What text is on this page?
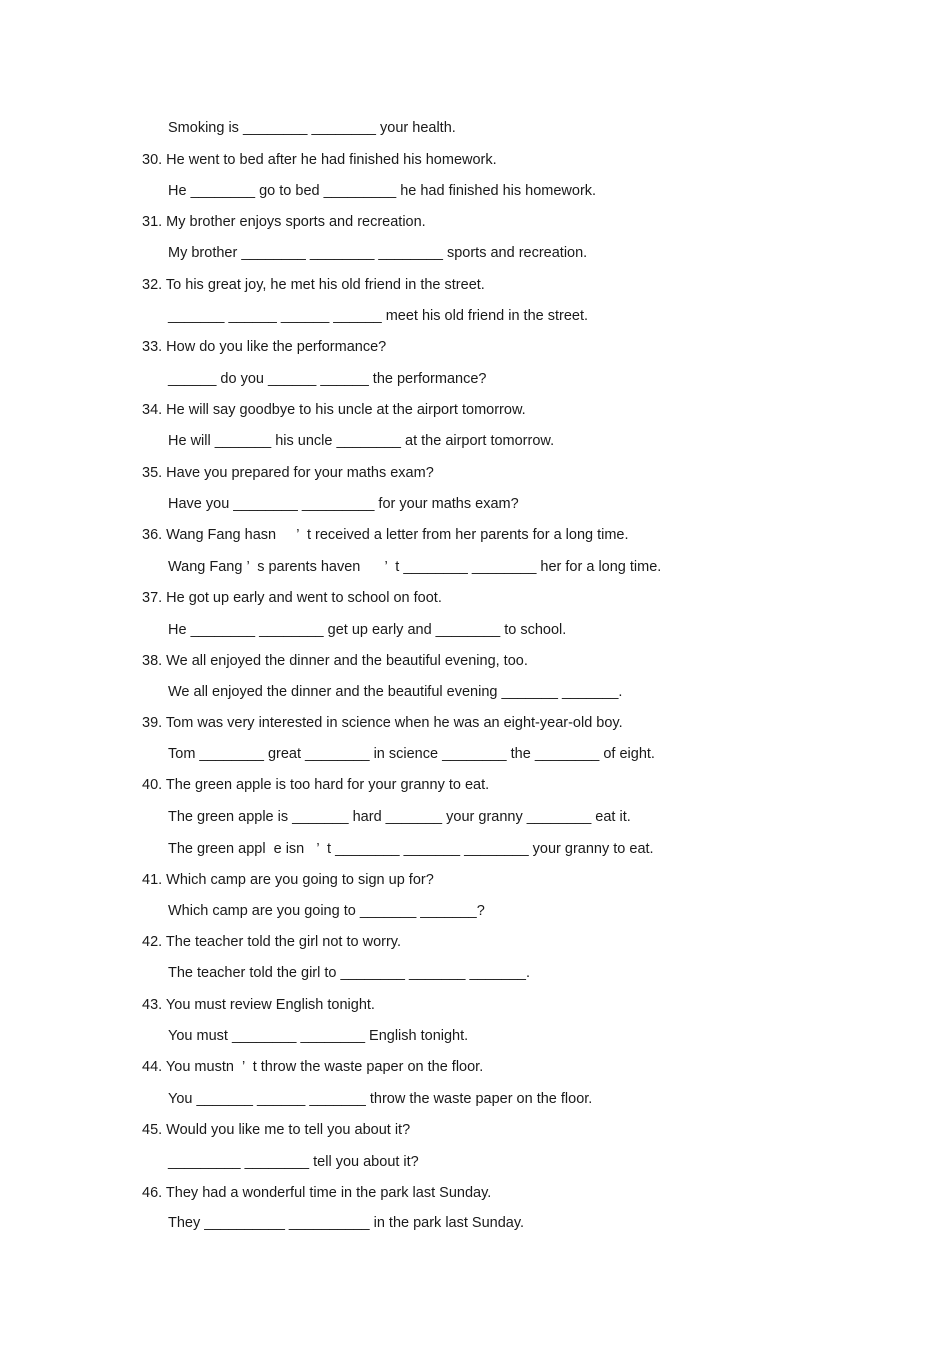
Smoking is ________ ________ your health.
30. He went to bed after he had finished his homework.
He ________ go to bed _________ he had finished his homework.
31. My brother enjoys sports and recreation.
My brother ________ ________ ________ sports and recreation.
32. To his great joy, he met his old friend in the street.
_______ ______ ______ ______ meet his old friend in the street.
33. How do you like the performance?
______ do you ______ ______ the performance?
34. He will say goodbye to his uncle at the airport tomorrow.
He will _______ his uncle ________ at the airport tomorrow.
35. Have you prepared for your maths exam?
Have you ________ _________ for your maths exam?
36. Wang Fang hasn     ’  t received a letter from her parents for a long time.
Wang Fang ’  s parents haven      ’  t ________ ________ her for a long time.
37. He got up early and went to school on foot.
He ________ ________ get up early and ________ to school.
38. We all enjoyed the dinner and the beautiful evening, too.
We all enjoyed the dinner and the beautiful evening _______ _______.
39. Tom was very interested in science when he was an eight-year-old boy.
Tom ________ great ________ in science ________ the ________ of eight.
40. The green apple is too hard for your granny to eat.
The green apple is _______ hard _______ your granny ________ eat it.
The green appl  e isn   ’  t ________ _______ ________ your granny to eat.
41. Which camp are you going to sign up for?
Which camp are you going to _______ _______?
42. The teacher told the girl not to worry.
The teacher told the girl to ________ _______ _______.
43. You must review English tonight.
You must ________ ________ English tonight.
44. You mustn  ’  t throw the waste paper on the floor.
You _______ ______ _______ throw the waste paper on the floor.
45. Would you like me to tell you about it?
_________ ________ tell you about it?
46. They had a wonderful time in the park last Sunday.
They __________ __________ in the park last Sunday.
